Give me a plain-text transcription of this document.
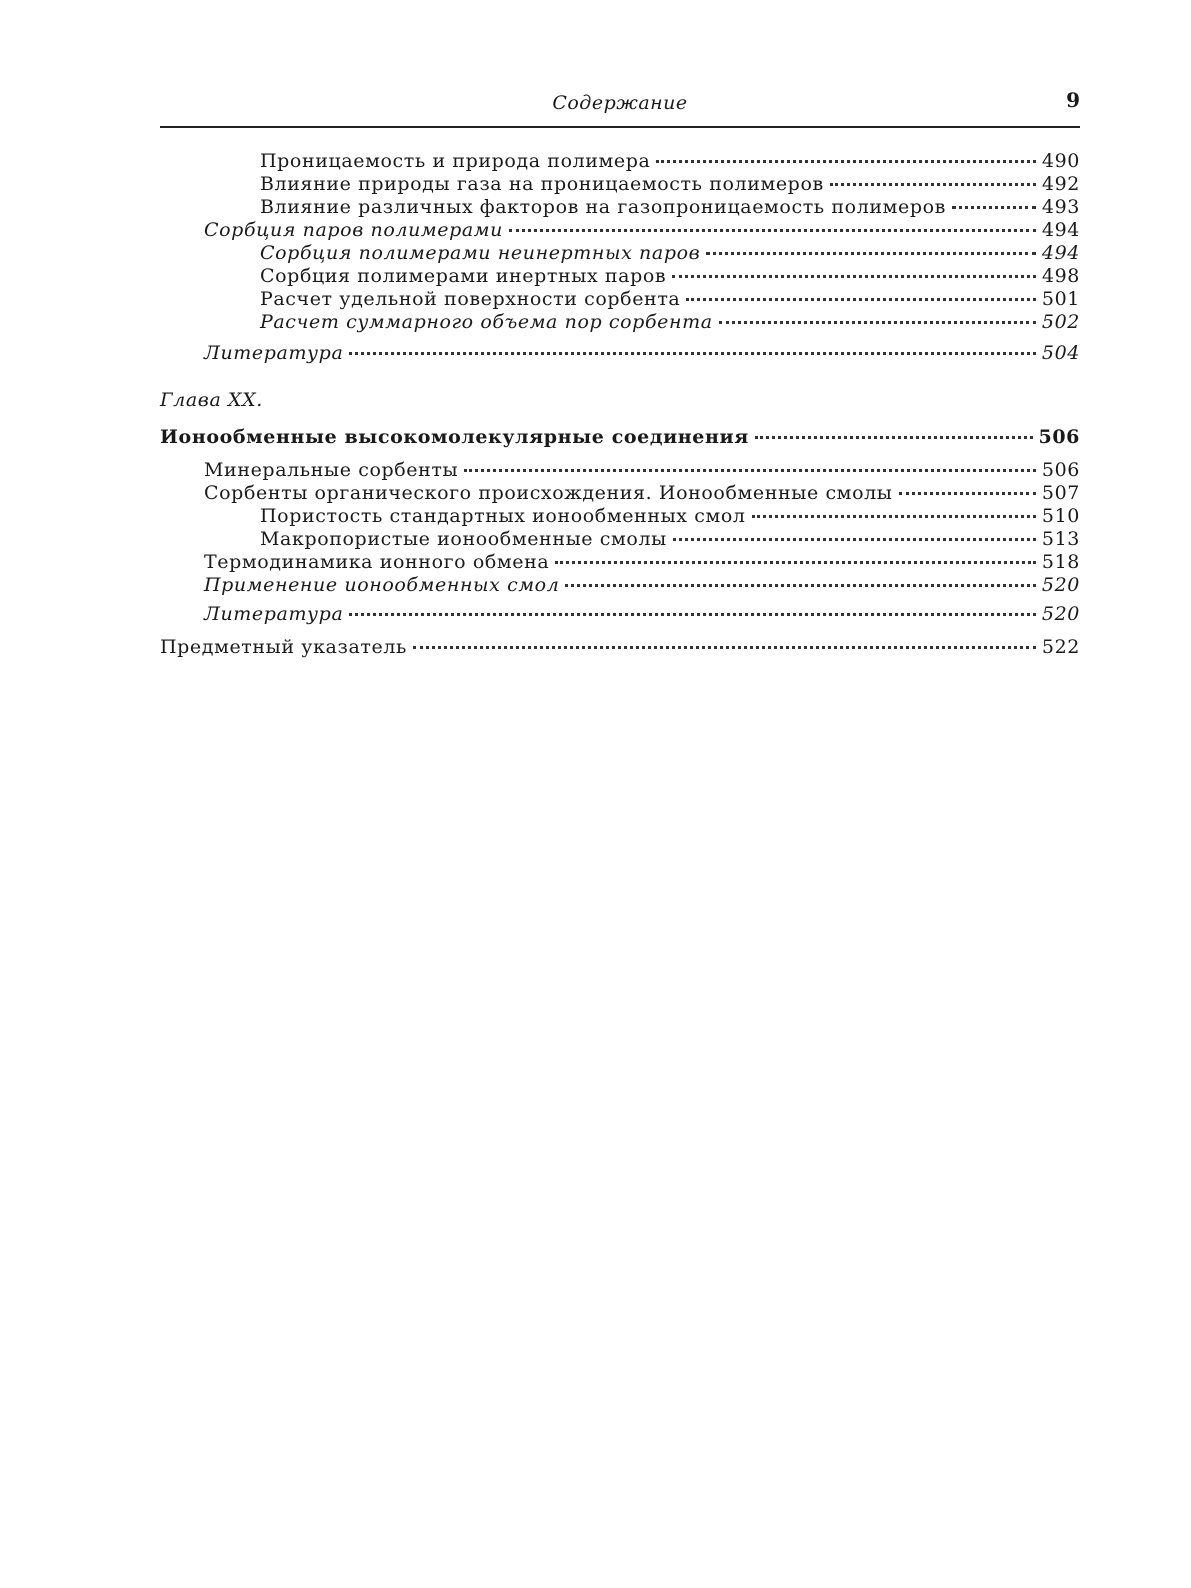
Содержание	9
Проницаемость и природа полимера	490
Влияние природы газа на проницаемость полимеров	492
Влияние различных факторов на газопроницаемость полимеров	493
Сорбция паров полимерами	494
Сорбция полимерами неинертных паров	494
Сорбция полимерами инертных паров	498
Расчет удельной поверхности сорбента	501
Расчет суммарного объема пор сорбента	502
Литература	504
Глава XX.
Ионообменные высокомолекулярные соединения	506
Минеральные сорбенты	506
Сорбенты органического происхождения. Ионообменные смолы	507
Пористость стандартных ионообменных смол	510
Макропористые ионообменные смолы	513
Термодинамика ионного обмена	518
Применение ионообменных смол	520
Литература	520
Предметный указатель	522
